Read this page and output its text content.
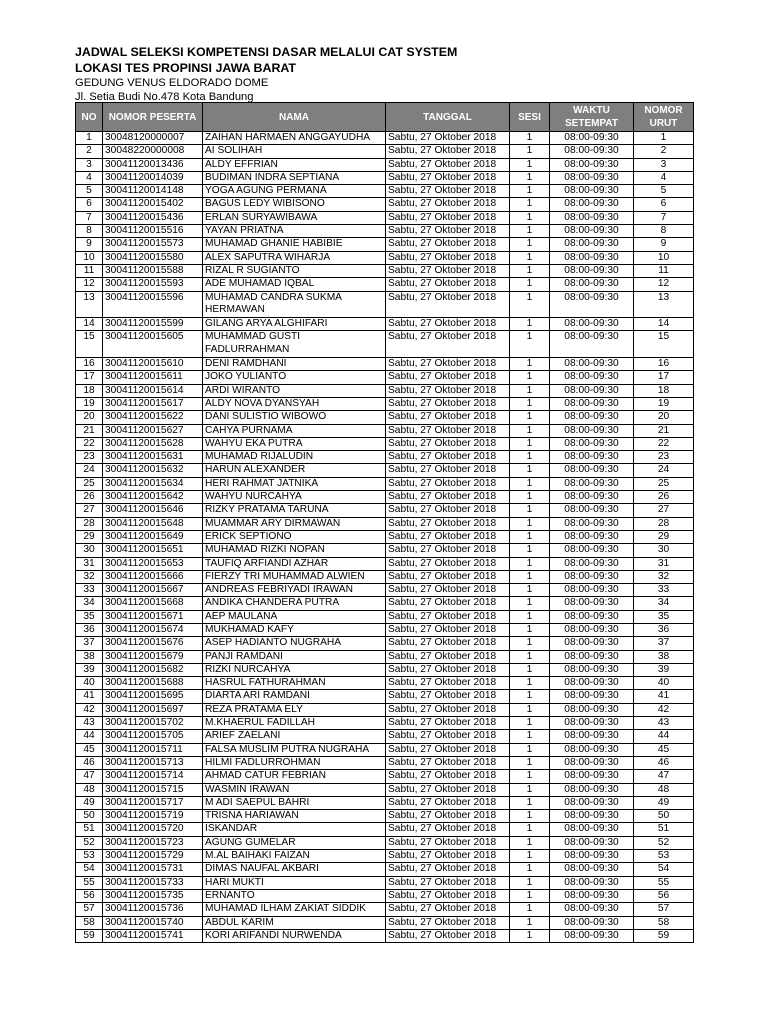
JADWAL SELEKSI KOMPETENSI DASAR MELALUI CAT SYSTEM

LOKASI TES PROPINSI JAWA BARAT

GEDUNG VENUS ELDORADO DOME

Jl. Setia Budi No.478 Kota Bandung

NO	NOMOR PESERTA	NAMA	TANGGAL	SESI	WAKTU SETEMPAT	NOMOR URUT
1	30048120000007	ZAIHAN HARMAEN ANGGAYUDHA	Sabtu, 27 Oktober 2018	1	08:00-09:30	1
2	30048220000008	AI SOLIHAH	Sabtu, 27 Oktober 2018	1	08:00-09:30	2
3	30041120013436	ALDY EFFRIAN	Sabtu, 27 Oktober 2018	1	08:00-09:30	3
4	30041120014039	BUDIMAN INDRA SEPTIANA	Sabtu, 27 Oktober 2018	1	08:00-09:30	4
5	30041120014148	YOGA AGUNG PERMANA	Sabtu, 27 Oktober 2018	1	08:00-09:30	5
6	30041120015402	BAGUS LEDY WIBISONO	Sabtu, 27 Oktober 2018	1	08:00-09:30	6
7	30041120015436	ERLAN SURYAWIBAWA	Sabtu, 27 Oktober 2018	1	08:00-09:30	7
8	30041120015516	YAYAN PRIATNA	Sabtu, 27 Oktober 2018	1	08:00-09:30	8
9	30041120015573	MUHAMAD GHANIE HABIBIE	Sabtu, 27 Oktober 2018	1	08:00-09:30	9
10	30041120015580	ALEX SAPUTRA WIHARJA	Sabtu, 27 Oktober 2018	1	08:00-09:30	10
11	30041120015588	RIZAL R SUGIANTO	Sabtu, 27 Oktober 2018	1	08:00-09:30	11
12	30041120015593	ADE MUHAMAD IQBAL	Sabtu, 27 Oktober 2018	1	08:00-09:30	12
13	30041120015596	MUHAMAD CANDRA SUKMA HERMAWAN	Sabtu, 27 Oktober 2018	1	08:00-09:30	13
14	30041120015599	GILANG ARYA ALGHIFARI	Sabtu, 27 Oktober 2018	1	08:00-09:30	14
15	30041120015605	MUHAMMAD GUSTI FADLURRAHMAN	Sabtu, 27 Oktober 2018	1	08:00-09:30	15
16	30041120015610	DENI RAMDHANI	Sabtu, 27 Oktober 2018	1	08:00-09:30	16
17	30041120015611	JOKO YULIANTO	Sabtu, 27 Oktober 2018	1	08:00-09:30	17
18	30041120015614	ARDI WIRANTO	Sabtu, 27 Oktober 2018	1	08:00-09:30	18
19	30041120015617	ALDY NOVA DYANSYAH	Sabtu, 27 Oktober 2018	1	08:00-09:30	19
20	30041120015622	DANI SULISTIO WIBOWO	Sabtu, 27 Oktober 2018	1	08:00-09:30	20
21	30041120015627	CAHYA PURNAMA	Sabtu, 27 Oktober 2018	1	08:00-09:30	21
22	30041120015628	WAHYU EKA PUTRA	Sabtu, 27 Oktober 2018	1	08:00-09:30	22
23	30041120015631	MUHAMAD RIJALUDIN	Sabtu, 27 Oktober 2018	1	08:00-09:30	23
24	30041120015632	HARUN ALEXANDER	Sabtu, 27 Oktober 2018	1	08:00-09:30	24
25	30041120015634	HERI RAHMAT JATNIKA	Sabtu, 27 Oktober 2018	1	08:00-09:30	25
26	30041120015642	WAHYU NURCAHYA	Sabtu, 27 Oktober 2018	1	08:00-09:30	26
27	30041120015646	RIZKY PRATAMA TARUNA	Sabtu, 27 Oktober 2018	1	08:00-09:30	27
28	30041120015648	MUAMMAR ARY DIRMAWAN	Sabtu, 27 Oktober 2018	1	08:00-09:30	28
29	30041120015649	ERICK SEPTIONO	Sabtu, 27 Oktober 2018	1	08:00-09:30	29
30	30041120015651	MUHAMAD RIZKI NOPAN	Sabtu, 27 Oktober 2018	1	08:00-09:30	30
31	30041120015653	TAUFIQ ARFIANDI AZHAR	Sabtu, 27 Oktober 2018	1	08:00-09:30	31
32	30041120015666	FIERZY TRI MUHAMMAD ALWIEN	Sabtu, 27 Oktober 2018	1	08:00-09:30	32
33	30041120015667	ANDREAS FEBRIYADI IRAWAN	Sabtu, 27 Oktober 2018	1	08:00-09:30	33
34	30041120015668	ANDIKA CHANDERA PUTRA	Sabtu, 27 Oktober 2018	1	08:00-09:30	34
35	30041120015671	AEP MAULANA	Sabtu, 27 Oktober 2018	1	08:00-09:30	35
36	30041120015674	MUKHAMAD KAFY	Sabtu, 27 Oktober 2018	1	08:00-09:30	36
37	30041120015676	ASEP HADIANTO NUGRAHA	Sabtu, 27 Oktober 2018	1	08:00-09:30	37
38	30041120015679	PANJI RAMDANI	Sabtu, 27 Oktober 2018	1	08:00-09:30	38
39	30041120015682	RIZKI NURCAHYA	Sabtu, 27 Oktober 2018	1	08:00-09:30	39
40	30041120015688	HASRUL FATHURAHMAN	Sabtu, 27 Oktober 2018	1	08:00-09:30	40
41	30041120015695	DIARTA ARI RAMDANI	Sabtu, 27 Oktober 2018	1	08:00-09:30	41
42	30041120015697	REZA PRATAMA ELY	Sabtu, 27 Oktober 2018	1	08:00-09:30	42
43	30041120015702	M.KHAERUL FADILLAH	Sabtu, 27 Oktober 2018	1	08:00-09:30	43
44	30041120015705	ARIEF ZAELANI	Sabtu, 27 Oktober 2018	1	08:00-09:30	44
45	30041120015711	FALSA MUSLIM PUTRA NUGRAHA	Sabtu, 27 Oktober 2018	1	08:00-09:30	45
46	30041120015713	HILMI FADLURROHMAN	Sabtu, 27 Oktober 2018	1	08:00-09:30	46
47	30041120015714	AHMAD CATUR FEBRIAN	Sabtu, 27 Oktober 2018	1	08:00-09:30	47
48	30041120015715	WASMIN IRAWAN	Sabtu, 27 Oktober 2018	1	08:00-09:30	48
49	30041120015717	M ADI SAEPUL BAHRI	Sabtu, 27 Oktober 2018	1	08:00-09:30	49
50	30041120015719	TRISNA HARIAWAN	Sabtu, 27 Oktober 2018	1	08:00-09:30	50
51	30041120015720	ISKANDAR	Sabtu, 27 Oktober 2018	1	08:00-09:30	51
52	30041120015723	AGUNG GUMELAR	Sabtu, 27 Oktober 2018	1	08:00-09:30	52
53	30041120015729	M.AL BAIHAKI FAIZAN	Sabtu, 27 Oktober 2018	1	08:00-09:30	53
54	30041120015731	DIMAS NAUFAL AKBARI	Sabtu, 27 Oktober 2018	1	08:00-09:30	54
55	30041120015733	HARI MUKTI	Sabtu, 27 Oktober 2018	1	08:00-09:30	55
56	30041120015735	ERNANTO	Sabtu, 27 Oktober 2018	1	08:00-09:30	56
57	30041120015736	MUHAMAD ILHAM ZAKIAT SIDDIK	Sabtu, 27 Oktober 2018	1	08:00-09:30	57
58	30041120015740	ABDUL KARIM	Sabtu, 27 Oktober 2018	1	08:00-09:30	58
59	30041120015741	KORI ARIFANDI NURWENDA	Sabtu, 27 Oktober 2018	1	08:00-09:30	59
